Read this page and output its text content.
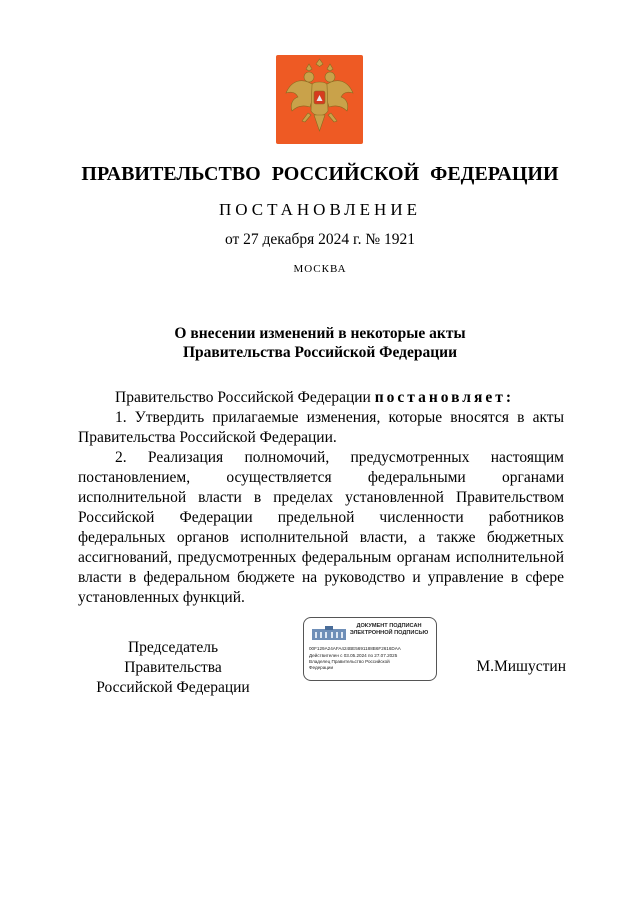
ПРАВИТЕЛЬСТВО РОССИЙСКОЙ ФЕДЕРАЦИИ
ПОСТАНОВЛЕНИЕ
от 27 декабря 2024 г. № 1921
МОСКВА
О внесении изменений в некоторые акты
Правительства Российской Федерации

Правительство Российской Федерации постановляет:

1. Утвердить прилагаемые изменения, которые вносятся в акты Правительства Российской Федерации.

2. Реализация полномочий, предусмотренных настоящим постановлением, осуществляется федеральными органами исполнительной власти в пределах установленной Правительством Российской Федерации предельной численности работников федеральных органов исполнительной власти, а также бюджетных ассигнований, предусмотренных федеральным органам исполнительной власти в федеральном бюджете на руководство и управление в сфере установленных функций.

Председатель Правительства
Российской Федерации
ДОКУМЕНТ ПОДПИСАН
ЭЛЕКТРОННОЙ ПОДПИСЬЮ
00F129A24AFA424BE5691188B6F2616DAA
Действителен с 03.05.2024 по 27.07.2025
Владелец Правительство Российской
Федерации	М.Мишустин
